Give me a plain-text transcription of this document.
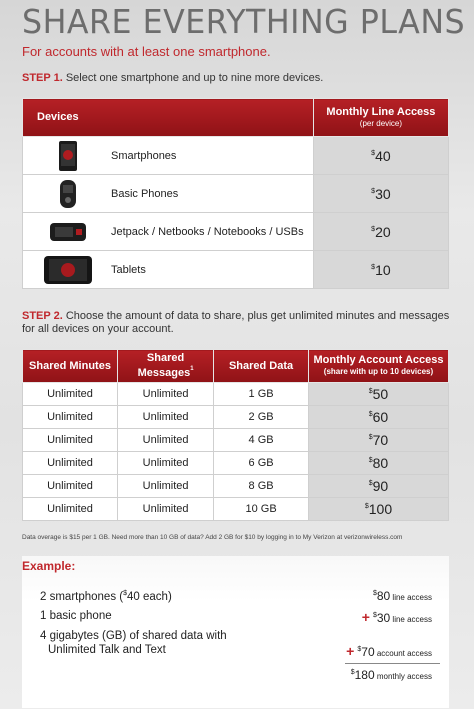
SHARE EVERYTHING PLANS
For accounts with at least one smartphone.
STEP 1. Select one smartphone and up to nine more devices.
Devices	Monthly Line Access
(per device)

Smartphones	$40

Basic Phones	$30

Jetpack / Netbooks / Notebooks / USBs	$20

Tablets	$10
STEP 2. Choose the amount of data to share, plus get unlimited minutes and messages for all devices on your account.
Shared Minutes	Shared Messages$^1$	Shared Data	Monthly Account Access
(share with up to 10 devices)

Unlimited	Unlimited	1 GB	$50
Unlimited	Unlimited	2 GB	$60
Unlimited	Unlimited	4 GB	$70
Unlimited	Unlimited	6 GB	$80
Unlimited	Unlimited	8 GB	$90
Unlimited	Unlimited	10 GB	$100
Data overage is $15 per 1 GB. Need more than 10 GB of data? Add 2 GB for $10 by logging in to My Verizon at verizonwireless.com
Example:
2 smartphones ($40 each)	$80 line access
1 basic phone	+ $30 line access
4 gigabytes (GB) of shared data with
Unlimited Talk and Text	+ $70 account access
$180 monthly access
